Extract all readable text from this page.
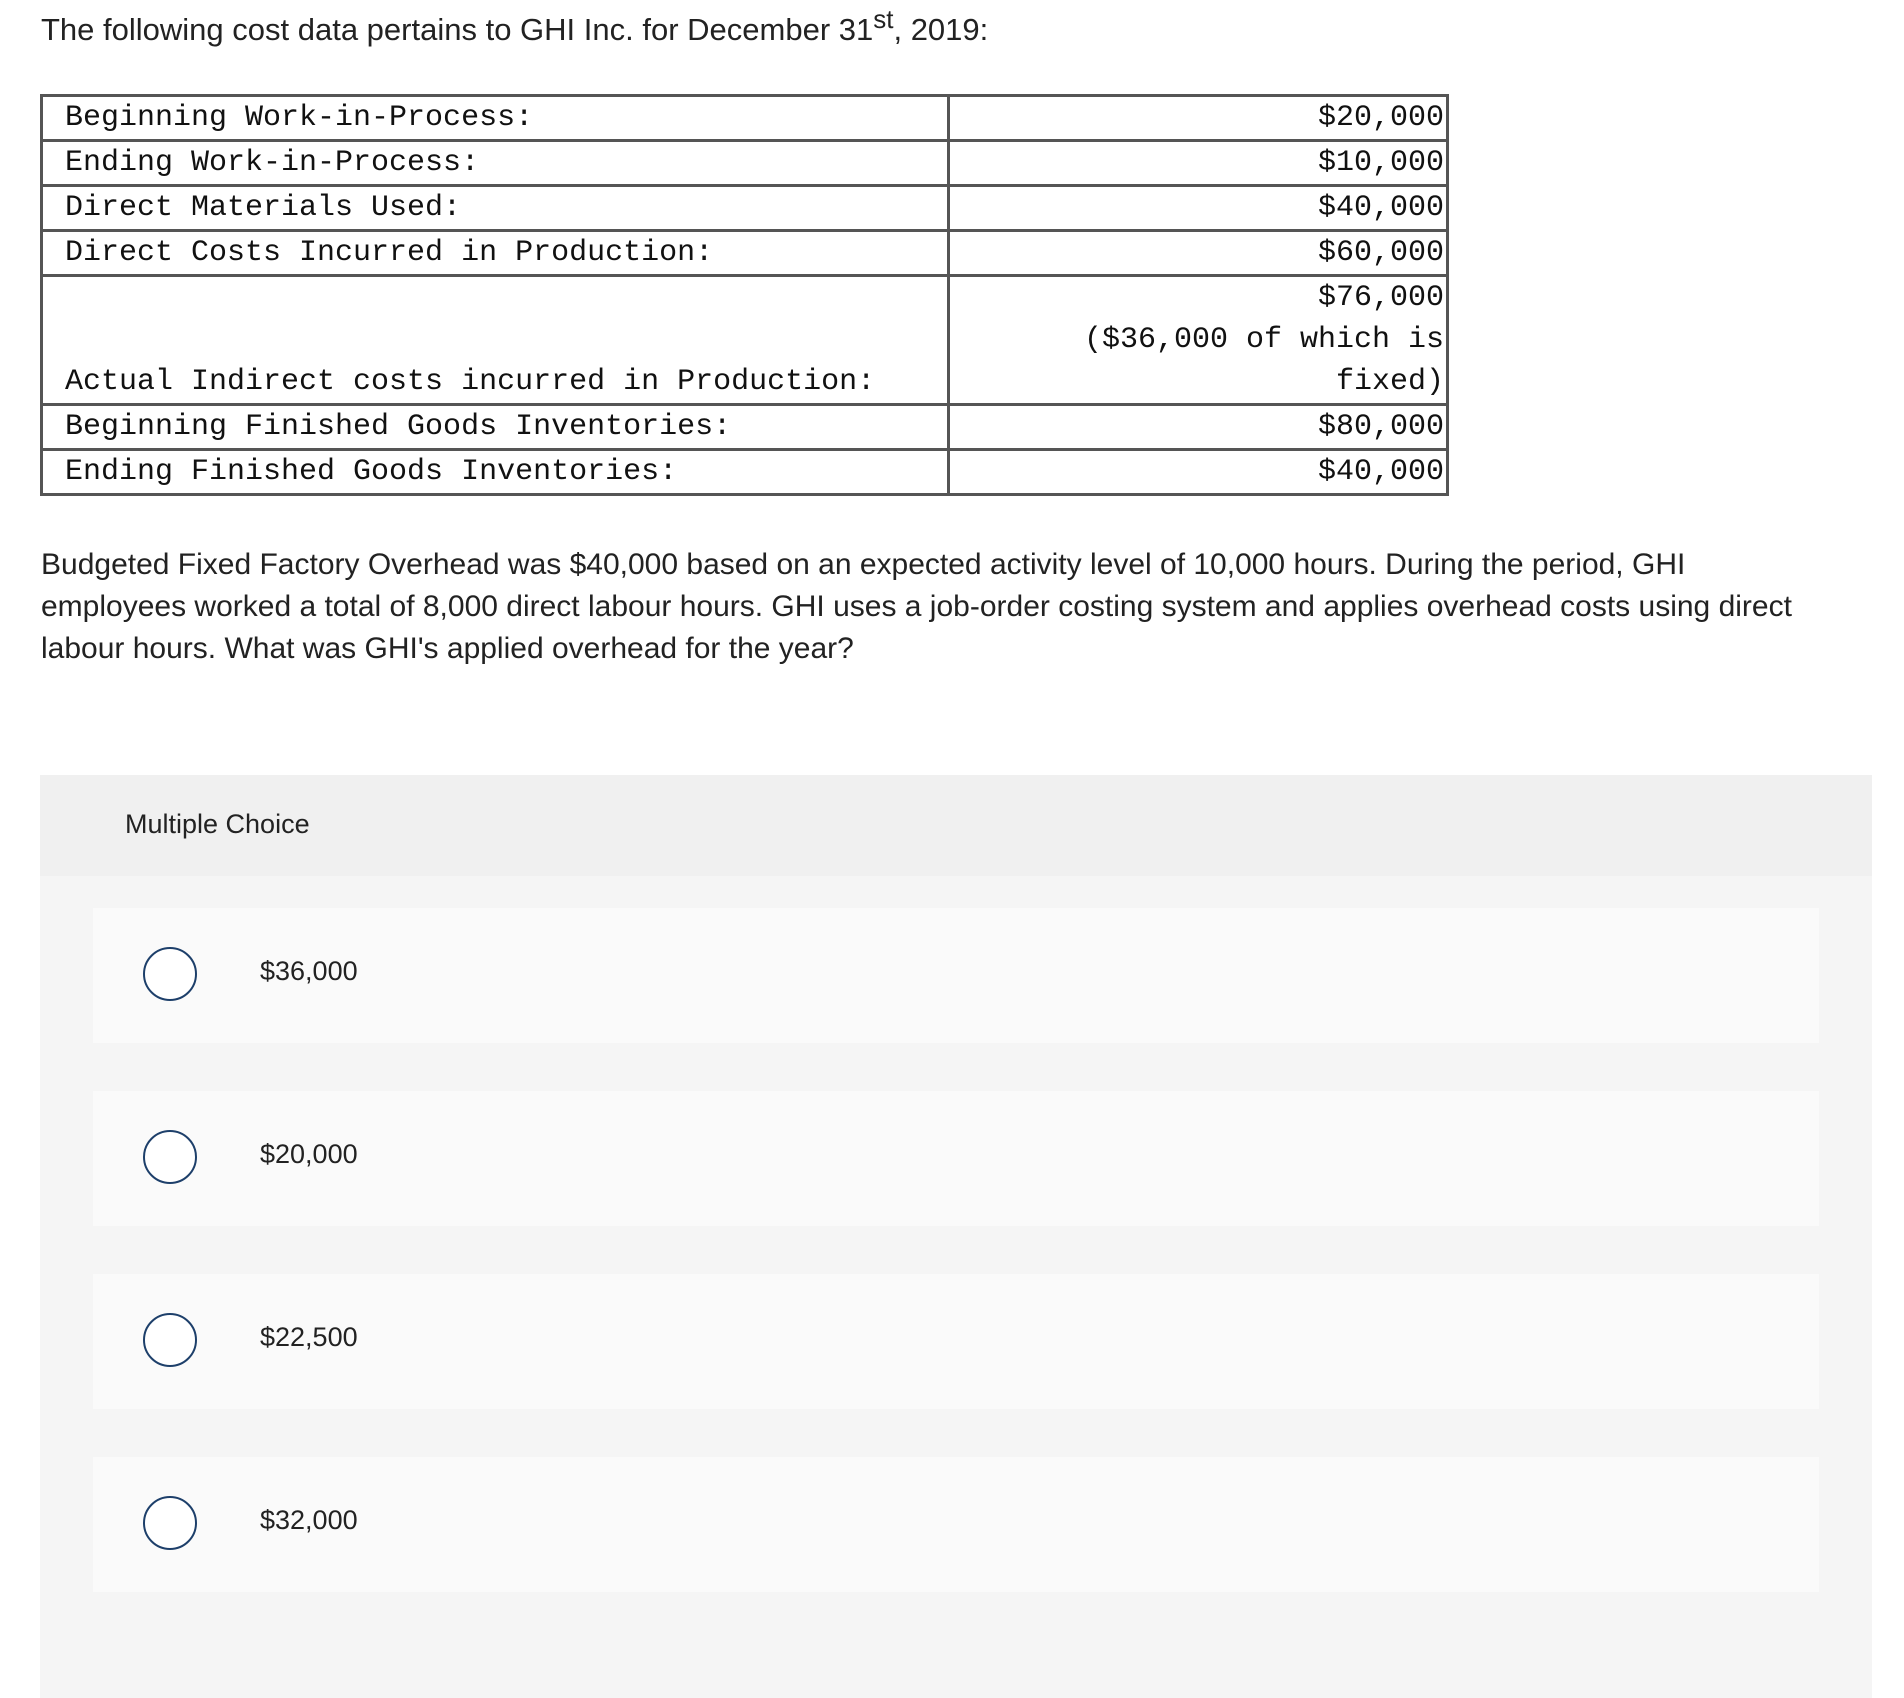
The following cost data pertains to GHI Inc. for December 31st, 2019:

Beginning Work-in-Process:	$20,000

Ending Work-in-Process:	$10,000

Direct Materials Used:	$40,000

Direct Costs Incurred in Production:	$60,000

Actual Indirect costs incurred in Production:	$76,000
($36,000 of which is
fixed)

Beginning Finished Goods Inventories:	$80,000

Ending Finished Goods Inventories:	$40,000

Budgeted Fixed Factory Overhead was $40,000 based on an expected activity level of 10,000 hours. During the period, GHI employees worked a total of 8,000 direct labour hours. GHI uses a job-order costing system and applies overhead costs using direct labour hours. What was GHI's applied overhead for the year?

Multiple Choice
$36,000
$20,000
$22,500
$32,000
